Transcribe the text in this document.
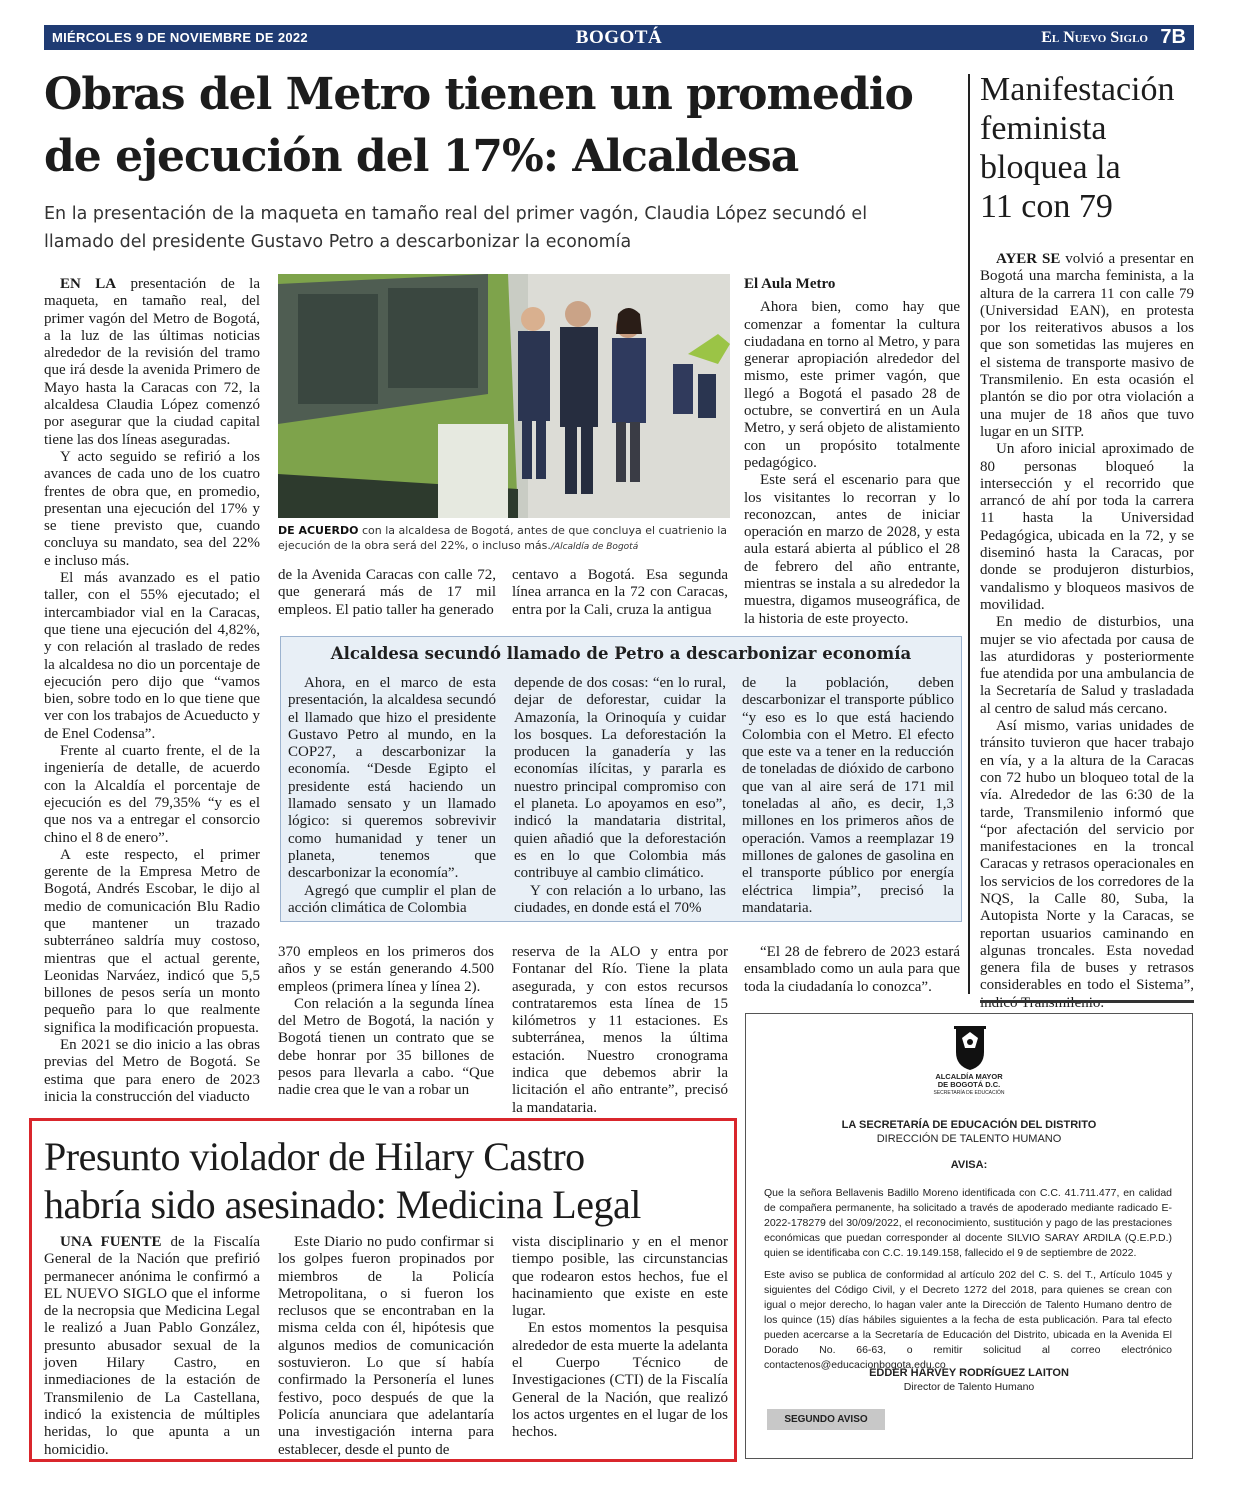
MIÉRCOLES 9 DE NOVIEMBRE DE 2022	BOGOTÁ	El Nuevo Siglo 7B
Obras del Metro tienen un promedio
de ejecución del 17%: Alcaldesa
En la presentación de la maqueta en tamaño real del primer vagón, Claudia López secundó el
llamado del presidente Gustavo Petro a descarbonizar la economía

EN LA presentación de la maqueta, en tamaño real, del primer vagón del Metro de Bogotá, a la luz de las últimas noticias alrededor de la revisión del tramo que irá desde la avenida Primero de Mayo hasta la Caracas con 72, la alcaldesa Claudia López comenzó por asegurar que la ciudad capital tiene las dos líneas aseguradas.

Y acto seguido se refirió a los avances de cada uno de los cuatro frentes de obra que, en promedio, presentan una ejecución del 17% y se tiene previsto que, cuando concluya su mandato, sea del 22% e incluso más.

El más avanzado es el patio taller, con el 55% ejecutado; el intercambiador vial en la Caracas, que tiene una ejecución del 4,82%, y con relación al traslado de redes la alcaldesa no dio un porcentaje de ejecución pero dijo que “vamos bien, sobre todo en lo que tiene que ver con los trabajos de Acueducto y de Enel Codensa”.

Frente al cuarto frente, el de la ingeniería de detalle, de acuerdo con la Alcaldía el porcentaje de ejecución es del 79,35% “y es el que nos va a entregar el consorcio chino el 8 de enero”.

A este respecto, el primer gerente de la Empresa Metro de Bogotá, Andrés Escobar, le dijo al medio de comunicación Blu Radio que mantener un trazado subterráneo saldría muy costoso, mientras que el actual gerente, Leonidas Narváez, indicó que 5,5 billones de pesos sería un monto pequeño para lo que realmente significa la modificación propuesta.

En 2021 se dio inicio a las obras previas del Metro de Bogotá. Se estima que para enero de 2023 inicia la construcción del viaducto

DE ACUERDO con la alcaldesa de Bogotá, antes de que concluya el cuatrienio la ejecución de la obra será del 22%, o incluso más./Alcaldía de Bogotá

de la Avenida Caracas con calle 72, que generará más de 17 mil empleos. El patio taller ha generado

centavo a Bogotá. Esa segunda línea arranca en la 72 con Caracas, entra por la Cali, cruza la antigua

El Aula Metro

Ahora bien, como hay que comenzar a fomentar la cultura ciudadana en torno al Metro, y para generar apropiación alrededor del mismo, este primer vagón, que llegó a Bogotá el pasado 28 de octubre, se convertirá en un Aula Metro, y será objeto de alistamiento con un propósito totalmente pedagógico.

Este será el escenario para que los visitantes lo recorran y lo reconozcan, antes de iniciar operación en marzo de 2028, y esta aula estará abierta al público el 28 de febrero del año entrante, mientras se instala a su alrededor la muestra, digamos museográfica, de la historia de este proyecto.

Alcaldesa secundó llamado de Petro a descarbonizar economía

Ahora, en el marco de esta presentación, la alcaldesa secundó el llamado que hizo el presidente Gustavo Petro al mundo, en la COP27, a descarbonizar la economía. “Desde Egipto el presidente está haciendo un llamado sensato y un llamado lógico: si queremos sobrevivir como humanidad y tener un planeta, tenemos que descarbonizar la economía”.

Agregó que cumplir el plan de acción climática de Colombia

depende de dos cosas: “en lo rural, dejar de deforestar, cuidar la Amazonía, la Orinoquía y cuidar los bosques. La deforestación la producen la ganadería y las economías ilícitas, y pararla es nuestro principal compromiso con el planeta. Lo apoyamos en eso”, indicó la mandataria distrital, quien añadió que la deforestación es en lo que Colombia más contribuye al cambio climático.

Y con relación a lo urbano, las ciudades, en donde está el 70%

de la población, deben descarbonizar el transporte público “y eso es lo que está haciendo Colombia con el Metro. El efecto que este va a tener en la reducción de toneladas de dióxido de carbono que van al aire será de 171 mil toneladas al año, es decir, 1,3 millones en los primeros años de operación. Vamos a reemplazar 19 millones de galones de gasolina en el transporte público por energía eléctrica limpia”, precisó la mandataria.

370 empleos en los primeros dos años y se están generando 4.500 empleos (primera línea y línea 2).

Con relación a la segunda línea del Metro de Bogotá, la nación y Bogotá tienen un contrato que se debe honrar por 35 billones de pesos para llevarla a cabo. “Que nadie crea que le van a robar un

reserva de la ALO y entra por Fontanar del Río. Tiene la plata asegurada, y con estos recursos contrataremos esta línea de 15 kilómetros y 11 estaciones. Es subterránea, menos la última estación. Nuestro cronograma indica que debemos abrir la licitación el año entrante”, precisó la mandataria.

“El 28 de febrero de 2023 estará ensamblado como un aula para que toda la ciudadanía lo conozca”.

Manifestación
feminista
bloquea la
11 con 79

AYER SE volvió a presentar en Bogotá una marcha feminista, a la altura de la carrera 11 con calle 79 (Universidad EAN), en protesta por los reiterativos abusos a los que son sometidas las mujeres en el sistema de transporte masivo de Transmilenio. En esta ocasión el plantón se dio por otra violación a una mujer de 18 años que tuvo lugar en un SITP.

Un aforo inicial aproximado de 80 personas bloqueó la intersección y el recorrido que arrancó de ahí por toda la carrera 11 hasta la Universidad Pedagógica, ubicada en la 72, y se diseminó hasta la Caracas, por donde se produjeron disturbios, vandalismo y bloqueos masivos de movilidad.

En medio de disturbios, una mujer se vio afectada por causa de las aturdidoras y posteriormente fue atendida por una ambulancia de la Secretaría de Salud y trasladada al centro de salud más cercano.

Así mismo, varias unidades de tránsito tuvieron que hacer trabajo en vía, y a la altura de la Caracas con 72 hubo un bloqueo total de la vía. Alrededor de las 6:30 de la tarde, Transmilenio informó que “por afectación del servicio por manifestaciones en la troncal Caracas y retrasos operacionales en los servicios de los corredores de la NQS, la Calle 80, Suba, la Autopista Norte y la Caracas, se reportan usuarios caminando en algunas troncales. Esta novedad genera fila de buses y retrasos considerables en todo el Sistema”,

Presunto violador de Hilary Castro
habría sido asesinado: Medicina Legal

UNA FUENTE de la Fiscalía General de la Nación que prefirió permanecer anónima le confirmó a EL NUEVO SIGLO que el informe de la necropsia que Medicina Legal le realizó a Juan Pablo González, presunto abusador sexual de la joven Hilary Castro, en inmediaciones de la estación de Transmilenio de La Castellana, indicó la existencia de múltiples heridas, lo que apunta a un homicidio.

Este Diario no pudo confirmar si los golpes fueron propinados por miembros de la Policía Metropolitana, o si fueron los reclusos que se encontraban en la misma celda con él, hipótesis que algunos medios de comunicación sostuvieron. Lo que sí había confirmado la Personería el lunes festivo, poco después de que la Policía anunciara que adelantaría una investigación interna para establecer, desde el punto de

vista disciplinario y en el menor tiempo posible, las circunstancias que rodearon estos hechos, fue el hacinamiento que existe en este lugar.

En estos momentos la pesquisa alrededor de esta muerte la adelanta el Cuerpo Técnico de Investigaciones (CTI) de la Fiscalía General de la Nación, que realizó los actos urgentes en el lugar de los hechos.

ALCALDÍA MAYOR
DE BOGOTÁ D.C.
SECRETARÍA DE EDUCACIÓN
LA SECRETARÍA DE EDUCACIÓN DEL DISTRITO
DIRECCIÓN DE TALENTO HUMANO
AVISA:
Que la señora Bellavenis Badillo Moreno identificada con C.C. 41.711.477, en calidad de compañera permanente, ha solicitado a través de apoderado mediante radicado E-2022-178279 del 30/09/2022, el reconocimiento, sustitución y pago de las prestaciones económicas que puedan corresponder al docente SILVIO SARAY ARDILA (Q.E.P.D.) quien se identificaba con C.C. 19.149.158, fallecido el 9 de septiembre de 2022.
Este aviso se publica de conformidad al artículo 202 del C. S. del T., Artículo 1045 y siguientes del Código Civil, y el Decreto 1272 del 2018, para quienes se crean con igual o mejor derecho, lo hagan valer ante la Dirección de Talento Humano dentro de los quince (15) días hábiles siguientes a la fecha de esta publicación. Para tal efecto pueden acercarse a la Secretaría de Educación del Distrito, ubicada en la Avenida El Dorado No. 66-63, o remitir solicitud al correo electrónico contactenos@educacionbogota.edu.co
EDDER HARVEY RODRÍGUEZ LAITON
Director de Talento Humano
SEGUNDO AVISO
